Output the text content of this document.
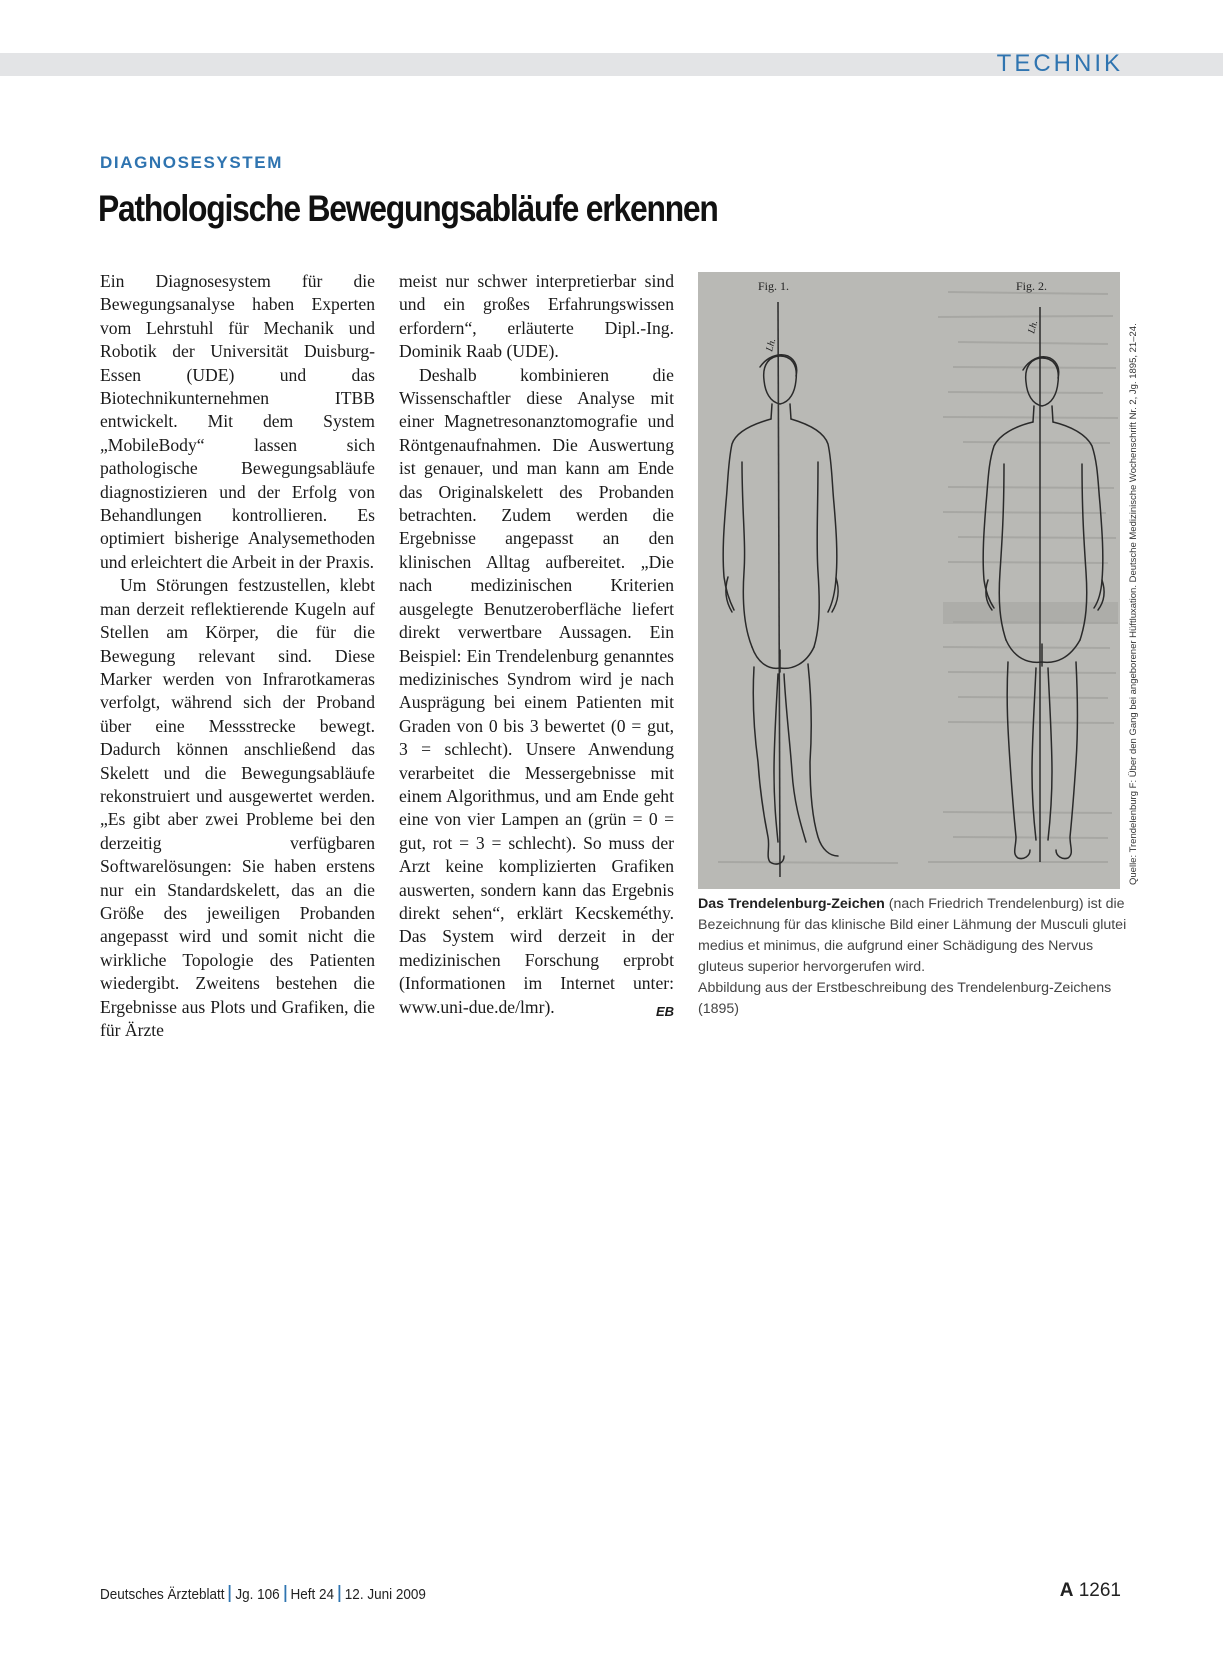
TECHNIK
DIAGNOSESYSTEM
Pathologische Bewegungsabläufe erkennen

Ein Diagnosesystem für die Bewegungsanalyse haben Experten vom Lehrstuhl für Mechanik und Robotik der Universität Duisburg-Essen (UDE) und das Biotechnikunternehmen ITBB entwickelt. Mit dem System „MobileBody“ lassen sich pathologische Bewegungsabläufe diagnostizieren und der Erfolg von Behandlungen kontrollieren. Es optimiert bisherige Analysemethoden und erleichtert die Arbeit in der Praxis.

Um Störungen festzustellen, klebt man derzeit reflektierende Kugeln auf Stellen am Körper, die für die Bewegung relevant sind. Diese Marker werden von Infrarotkameras verfolgt, während sich der Proband über eine Messstrecke bewegt. Dadurch können anschließend das Skelett und die Bewegungsabläufe rekonstruiert und ausgewertet werden. „Es gibt aber zwei Probleme bei den derzeitig verfügbaren Softwarelösungen: Sie haben erstens nur ein Standardskelett, das an die Größe des jeweiligen Probanden angepasst wird und somit nicht die wirkliche Topologie des Patienten wiedergibt. Zweitens bestehen die Ergebnisse aus Plots und Grafiken, die für Ärzte

meist nur schwer interpretierbar sind und ein großes Erfahrungswissen erfordern“, erläuterte Dipl.-Ing. Dominik Raab (UDE).

Deshalb kombinieren die Wissenschaftler diese Analyse mit einer Magnetresonanztomografie und Röntgenaufnahmen. Die Auswertung ist genauer, und man kann am Ende das Originalskelett des Probanden betrachten. Zudem werden die Ergebnisse angepasst an den klinischen Alltag aufbereitet. „Die nach medizinischen Kriterien ausgelegte Benutzeroberfläche liefert direkt verwertbare Aussagen. Ein Beispiel: Ein Trendelenburg genanntes medizinisches Syndrom wird je nach Ausprägung bei einem Patienten mit Graden von 0 bis 3 bewertet (0 = gut, 3 = schlecht). Unsere Anwendung verarbeitet die Messergebnisse mit einem Algorithmus, und am Ende geht eine von vier Lampen an (grün = 0 = gut, rot = 3 = schlecht). So muss der Arzt keine komplizierten Grafiken auswerten, sondern kann das Ergebnis direkt sehen“, erklärt Kecskeméthy. Das System wird derzeit in der medizinischen Forschung erprobt (Informationen im Internet unter: www.uni-due.de/lmr).	EB

Fig. 1.	Fig. 2.
Lh.
Lh.	Quelle: Trendelenburg F: Über den Gang bei angeborener Hüftluxation. Deutsche Medizinische Wochenschrift Nr. 2, Jg. 1895, 21–24.
Das Trendelenburg-Zeichen (nach Friedrich Trendelenburg) ist die Bezeichnung für das klinische Bild einer Lähmung der Musculi glutei medius et minimus, die aufgrund einer Schädigung des Nervus gluteus superior hervorgerufen wird.
Abbildung aus der Erstbeschreibung des Trendelenburg-Zeichens (1895)
Deutsches Ärzteblatt Jg. 106 Heft 24 12. Juni 2009	A 1261
